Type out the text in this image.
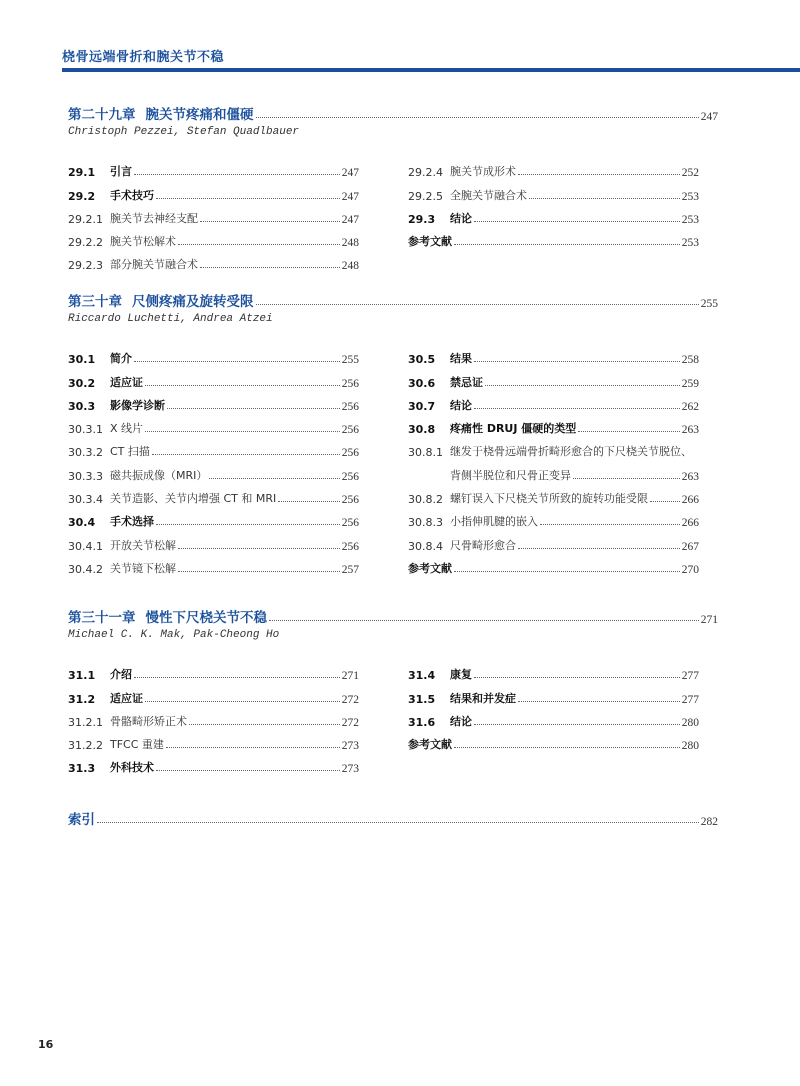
桡骨远端骨折和腕关节不稳
第二十九章 腕关节疼痛和僵硬	247
Christoph Pezzei, Stefan Quadlbauer
29.1	引言	247
29.2	手术技巧	247
29.2.1 腕关节去神经支配	247
29.2.2 腕关节松解术	248
29.2.3 部分腕关节融合术	248
29.2.4 腕关节成形术	252
29.2.5 全腕关节融合术	253
29.3	结论	253
参考文献	253
第三十章 尺侧疼痛及旋转受限	255
Riccardo Luchetti, Andrea Atzei
30.1	简介	255
30.2	适应证	256
30.3	影像学诊断	256
30.3.1 X 线片	256
30.3.2 CT 扫描	256
30.3.3 磁共振成像（MRI）	256
30.3.4 关节造影、关节内增强 CT 和 MRI	256
30.4	手术选择	256
30.4.1 开放关节松解	256
30.4.2 关节镜下松解	257
30.5	结果	258
30.6	禁忌证	259
30.7	结论	262
30.8	疼痛性 DRUJ 僵硬的类型	263
30.8.1 继发于桡骨远端骨折畸形愈合的下尺桡关节脱位、
背侧半脱位和尺骨正变异	263
30.8.2 螺钉误入下尺桡关节所致的旋转功能受限	266
30.8.3 小指伸肌腱的嵌入	266
30.8.4 尺骨畸形愈合	267
参考文献	270
第三十一章 慢性下尺桡关节不稳	271
Michael C. K. Mak, Pak-Cheong Ho
31.1	介绍	271
31.2	适应证	272
31.2.1 骨骼畸形矫正术	272
31.2.2 TFCC 重建	273
31.3	外科技术	273
31.4	康复	277
31.5	结果和并发症	277
31.6	结论	280
参考文献	280
索引	282
16
